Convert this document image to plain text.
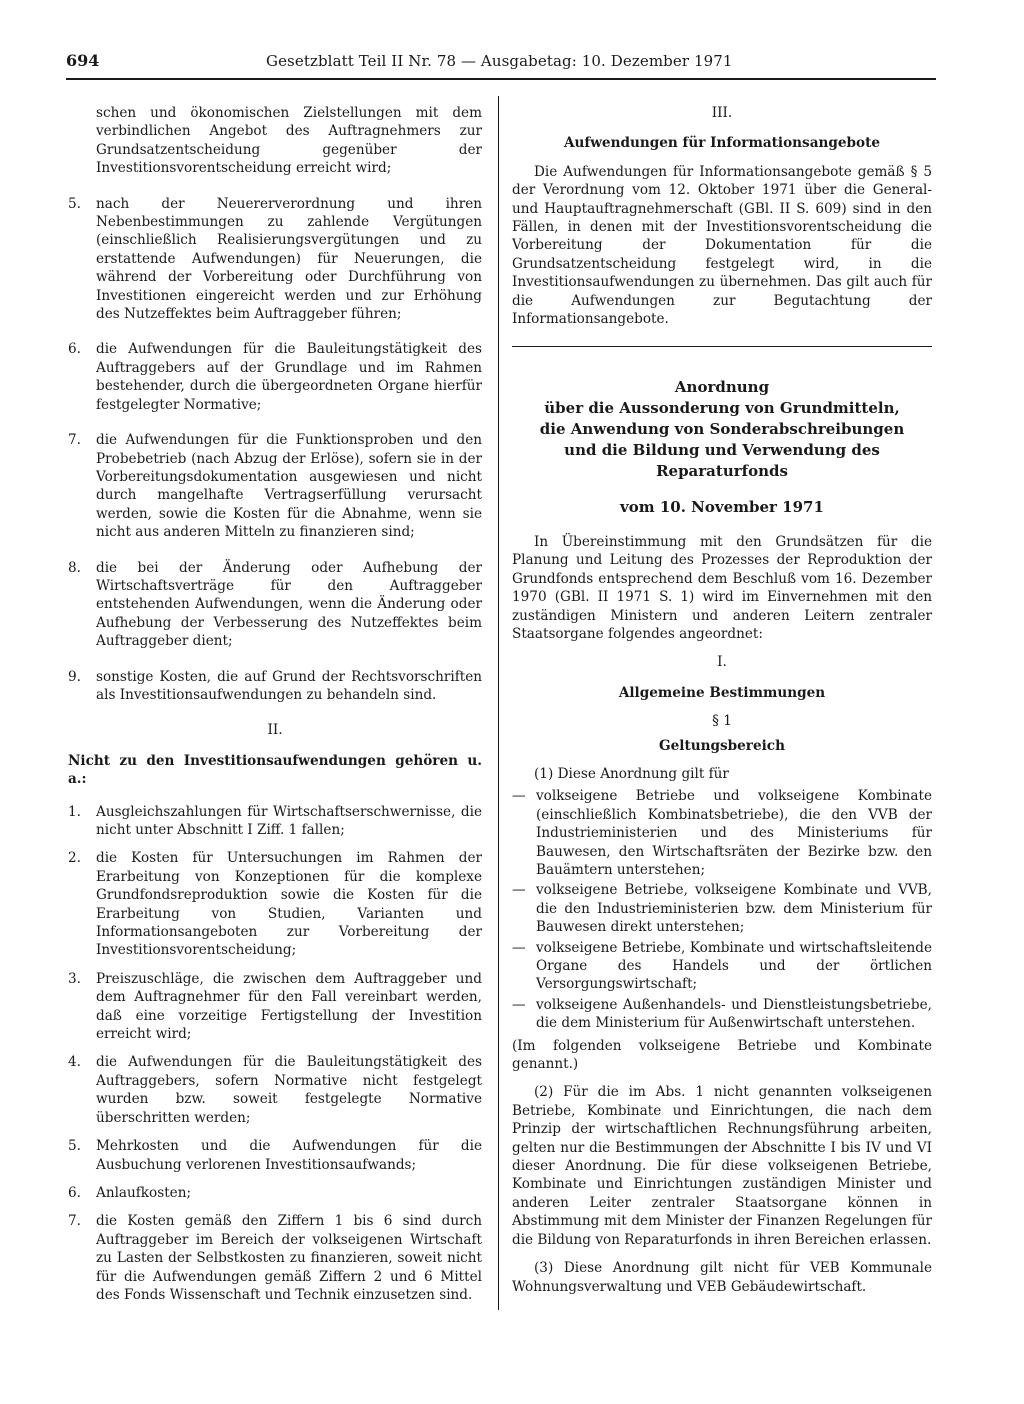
694	Gesetzblatt Teil II Nr. 78 — Ausgabetag: 10. Dezember 1971

schen und ökonomischen Zielstellungen mit dem verbindlichen Angebot des Auftragnehmers zur Grundsatzentscheidung gegenüber der Investitionsvorentscheidung erreicht wird;

5.	nach der Neuererverordnung und ihren Nebenbestimmungen zu zahlende Vergütungen (einschließlich Realisierungsvergütungen und zu erstattende Aufwendungen) für Neuerungen, die während der Vorbereitung oder Durchführung von Investitionen eingereicht werden und zur Erhöhung des Nutzeffektes beim Auftraggeber führen;
6.	die Aufwendungen für die Bauleitungstätigkeit des Auftraggebers auf der Grundlage und im Rahmen bestehender, durch die übergeordneten Organe hierfür festgelegter Normative;
7.	die Aufwendungen für die Funktionsproben und den Probebetrieb (nach Abzug der Erlöse), sofern sie in der Vorbereitungsdokumentation ausgewiesen und nicht durch mangelhafte Vertragserfüllung verursacht werden, sowie die Kosten für die Abnahme, wenn sie nicht aus anderen Mitteln zu finanzieren sind;
8.	die bei der Änderung oder Aufhebung der Wirtschaftsverträge für den Auftraggeber entstehenden Aufwendungen, wenn die Änderung oder Aufhebung der Verbesserung des Nutzeffektes beim Auftraggeber dient;
9.	sonstige Kosten, die auf Grund der Rechtsvorschriften als Investitionsaufwendungen zu behandeln sind.

II.

Nicht zu den Investitionsaufwendungen gehören u. a.:

1.	Ausgleichszahlungen für Wirtschaftserschwernisse, die nicht unter Abschnitt I Ziff. 1 fallen;
2.	die Kosten für Untersuchungen im Rahmen der Erarbeitung von Konzeptionen für die komplexe Grundfondsreproduktion sowie die Kosten für die Erarbeitung von Studien, Varianten und Informationsangeboten zur Vorbereitung der Investitionsvorentscheidung;
3.	Preiszuschläge, die zwischen dem Auftraggeber und dem Auftragnehmer für den Fall vereinbart werden, daß eine vorzeitige Fertigstellung der Investition erreicht wird;
4.	die Aufwendungen für die Bauleitungstätigkeit des Auftraggebers, sofern Normative nicht festgelegt wurden bzw. soweit festgelegte Normative überschritten werden;
5.	Mehrkosten und die Aufwendungen für die Ausbuchung verlorenen Investitionsaufwands;
6.	Anlaufkosten;
7.	die Kosten gemäß den Ziffern 1 bis 6 sind durch Auftraggeber im Bereich der volkseigenen Wirtschaft zu Lasten der Selbstkosten zu finanzieren, soweit nicht für die Aufwendungen gemäß Ziffern 2 und 6 Mittel des Fonds Wissenschaft und Technik einzusetzen sind.

III.

Aufwendungen für Informationsangebote

Die Aufwendungen für Informationsangebote gemäß § 5 der Verordnung vom 12. Oktober 1971 über die General- und Hauptauftragnehmerschaft (GBl. II S. 609) sind in den Fällen, in denen mit der Investitionsvorentscheidung die Vorbereitung der Dokumentation für die Grundsatzentscheidung festgelegt wird, in die Investitionsaufwendungen zu übernehmen. Das gilt auch für die Aufwendungen zur Begutachtung der Informationsangebote.

Anordnung
über die Aussonderung von Grundmitteln,
die Anwendung von Sonderabschreibungen
und die Bildung und Verwendung des
Reparaturfonds

vom 10. November 1971

In Übereinstimmung mit den Grundsätzen für die Planung und Leitung des Prozesses der Reproduktion der Grundfonds entsprechend dem Beschluß vom 16. Dezember 1970 (GBl. II 1971 S. 1) wird im Einvernehmen mit den zuständigen Ministern und anderen Leitern zentraler Staatsorgane folgendes angeordnet:

I.

Allgemeine Bestimmungen

§ 1

Geltungsbereich

(1) Diese Anordnung gilt für

— volkseigene Betriebe und volkseigene Kombinate (einschließlich Kombinatsbetriebe), die den VVB der Industrieministerien und des Ministeriums für Bauwesen, den Wirtschaftsräten der Bezirke bzw. den Bauämtern unterstehen;
— volkseigene Betriebe, volkseigene Kombinate und VVB, die den Industrieministerien bzw. dem Ministerium für Bauwesen direkt unterstehen;
— volkseigene Betriebe, Kombinate und wirtschaftsleitende Organe des Handels und der örtlichen Versorgungswirtschaft;
— volkseigene Außenhandels- und Dienstleistungsbetriebe, die dem Ministerium für Außenwirtschaft unterstehen.

(Im folgenden volkseigene Betriebe und Kombinate genannt.)

(2) Für die im Abs. 1 nicht genannten volkseigenen Betriebe, Kombinate und Einrichtungen, die nach dem Prinzip der wirtschaftlichen Rechnungsführung arbeiten, gelten nur die Bestimmungen der Abschnitte I bis IV und VI dieser Anordnung. Die für diese volkseigenen Betriebe, Kombinate und Einrichtungen zuständigen Minister und anderen Leiter zentraler Staatsorgane können in Abstimmung mit dem Minister der Finanzen Regelungen für die Bildung von Reparaturfonds in ihren Bereichen erlassen.

(3) Diese Anordnung gilt nicht für VEB Kommunale Wohnungsverwaltung und VEB Gebäudewirtschaft.
